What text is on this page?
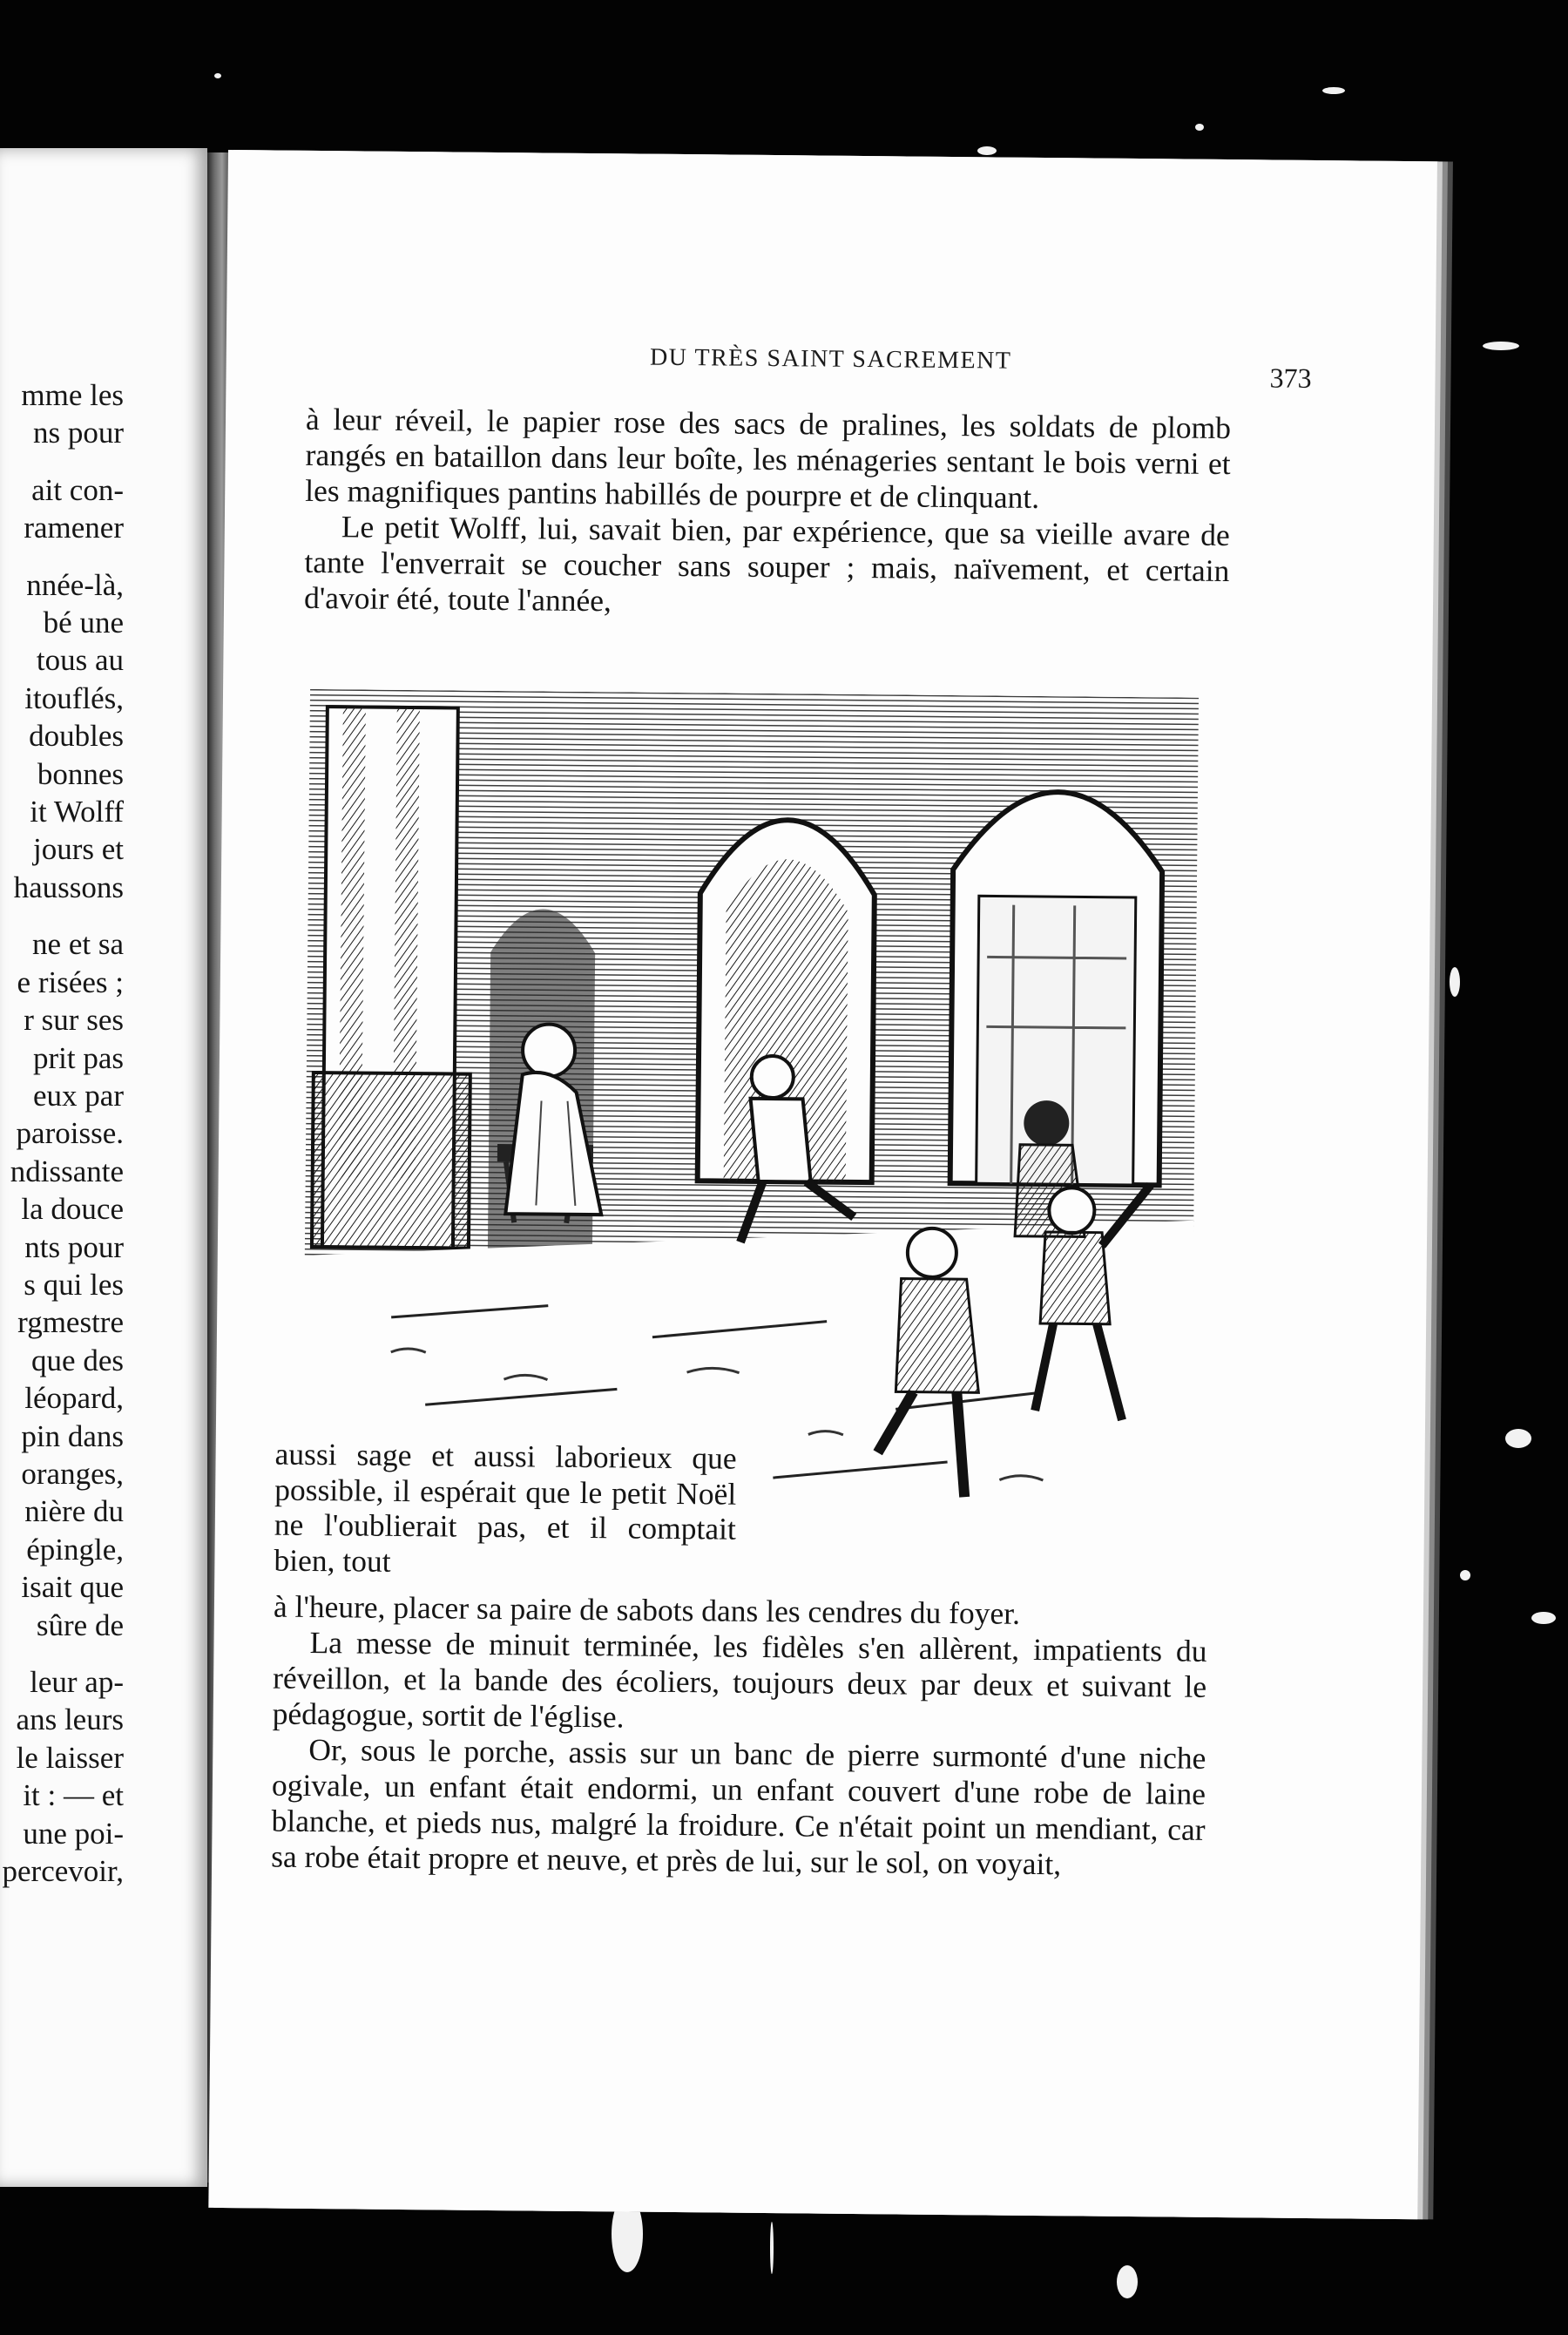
mme les
ns pour
ait con-
ramener
nnée-là,
bé une
tous au
itouflés,
doubles
bonnes
it Wolff
jours et
haussons
ne et sa
e risées ;
r sur ses
prit pas
eux par
paroisse.
ndissante
la douce
nts pour
s qui les
rgmestre
que des
léopard,
pin dans
oranges,
nière du
épingle,
isait que
sûre de
leur ap-
ans leurs
le laisser
it : — et
une poi-
percevoir,
DU TRÈS SAINT SACREMENT
373

à leur réveil, le papier rose des sacs de pralines, les soldats de plomb rangés en bataillon dans leur boîte, les ménageries sentant le bois verni et les magnifiques pantins habillés de pourpre et de clinquant.

Le petit Wolff, lui, savait bien, par expérience, que sa vieille avare de tante l'enverrait se coucher sans souper ; mais, naïvement, et certain d'avoir été, toute l'année,

aussi sage et aussi laborieux que possible, il espérait que le petit Noël ne l'oublierait pas, et il comptait bien, tout

à l'heure, placer sa paire de sabots dans les cendres du foyer.

La messe de minuit terminée, les fidèles s'en allèrent, impatients du réveillon, et la bande des écoliers, toujours deux par deux et suivant le pédagogue, sortit de l'église.

Or, sous le porche, assis sur un banc de pierre surmonté d'une niche ogivale, un enfant était endormi, un enfant couvert d'une robe de laine blanche, et pieds nus, malgré la froidure. Ce n'était point un mendiant, car sa robe était propre et neuve, et près de lui, sur le sol, on voyait,
